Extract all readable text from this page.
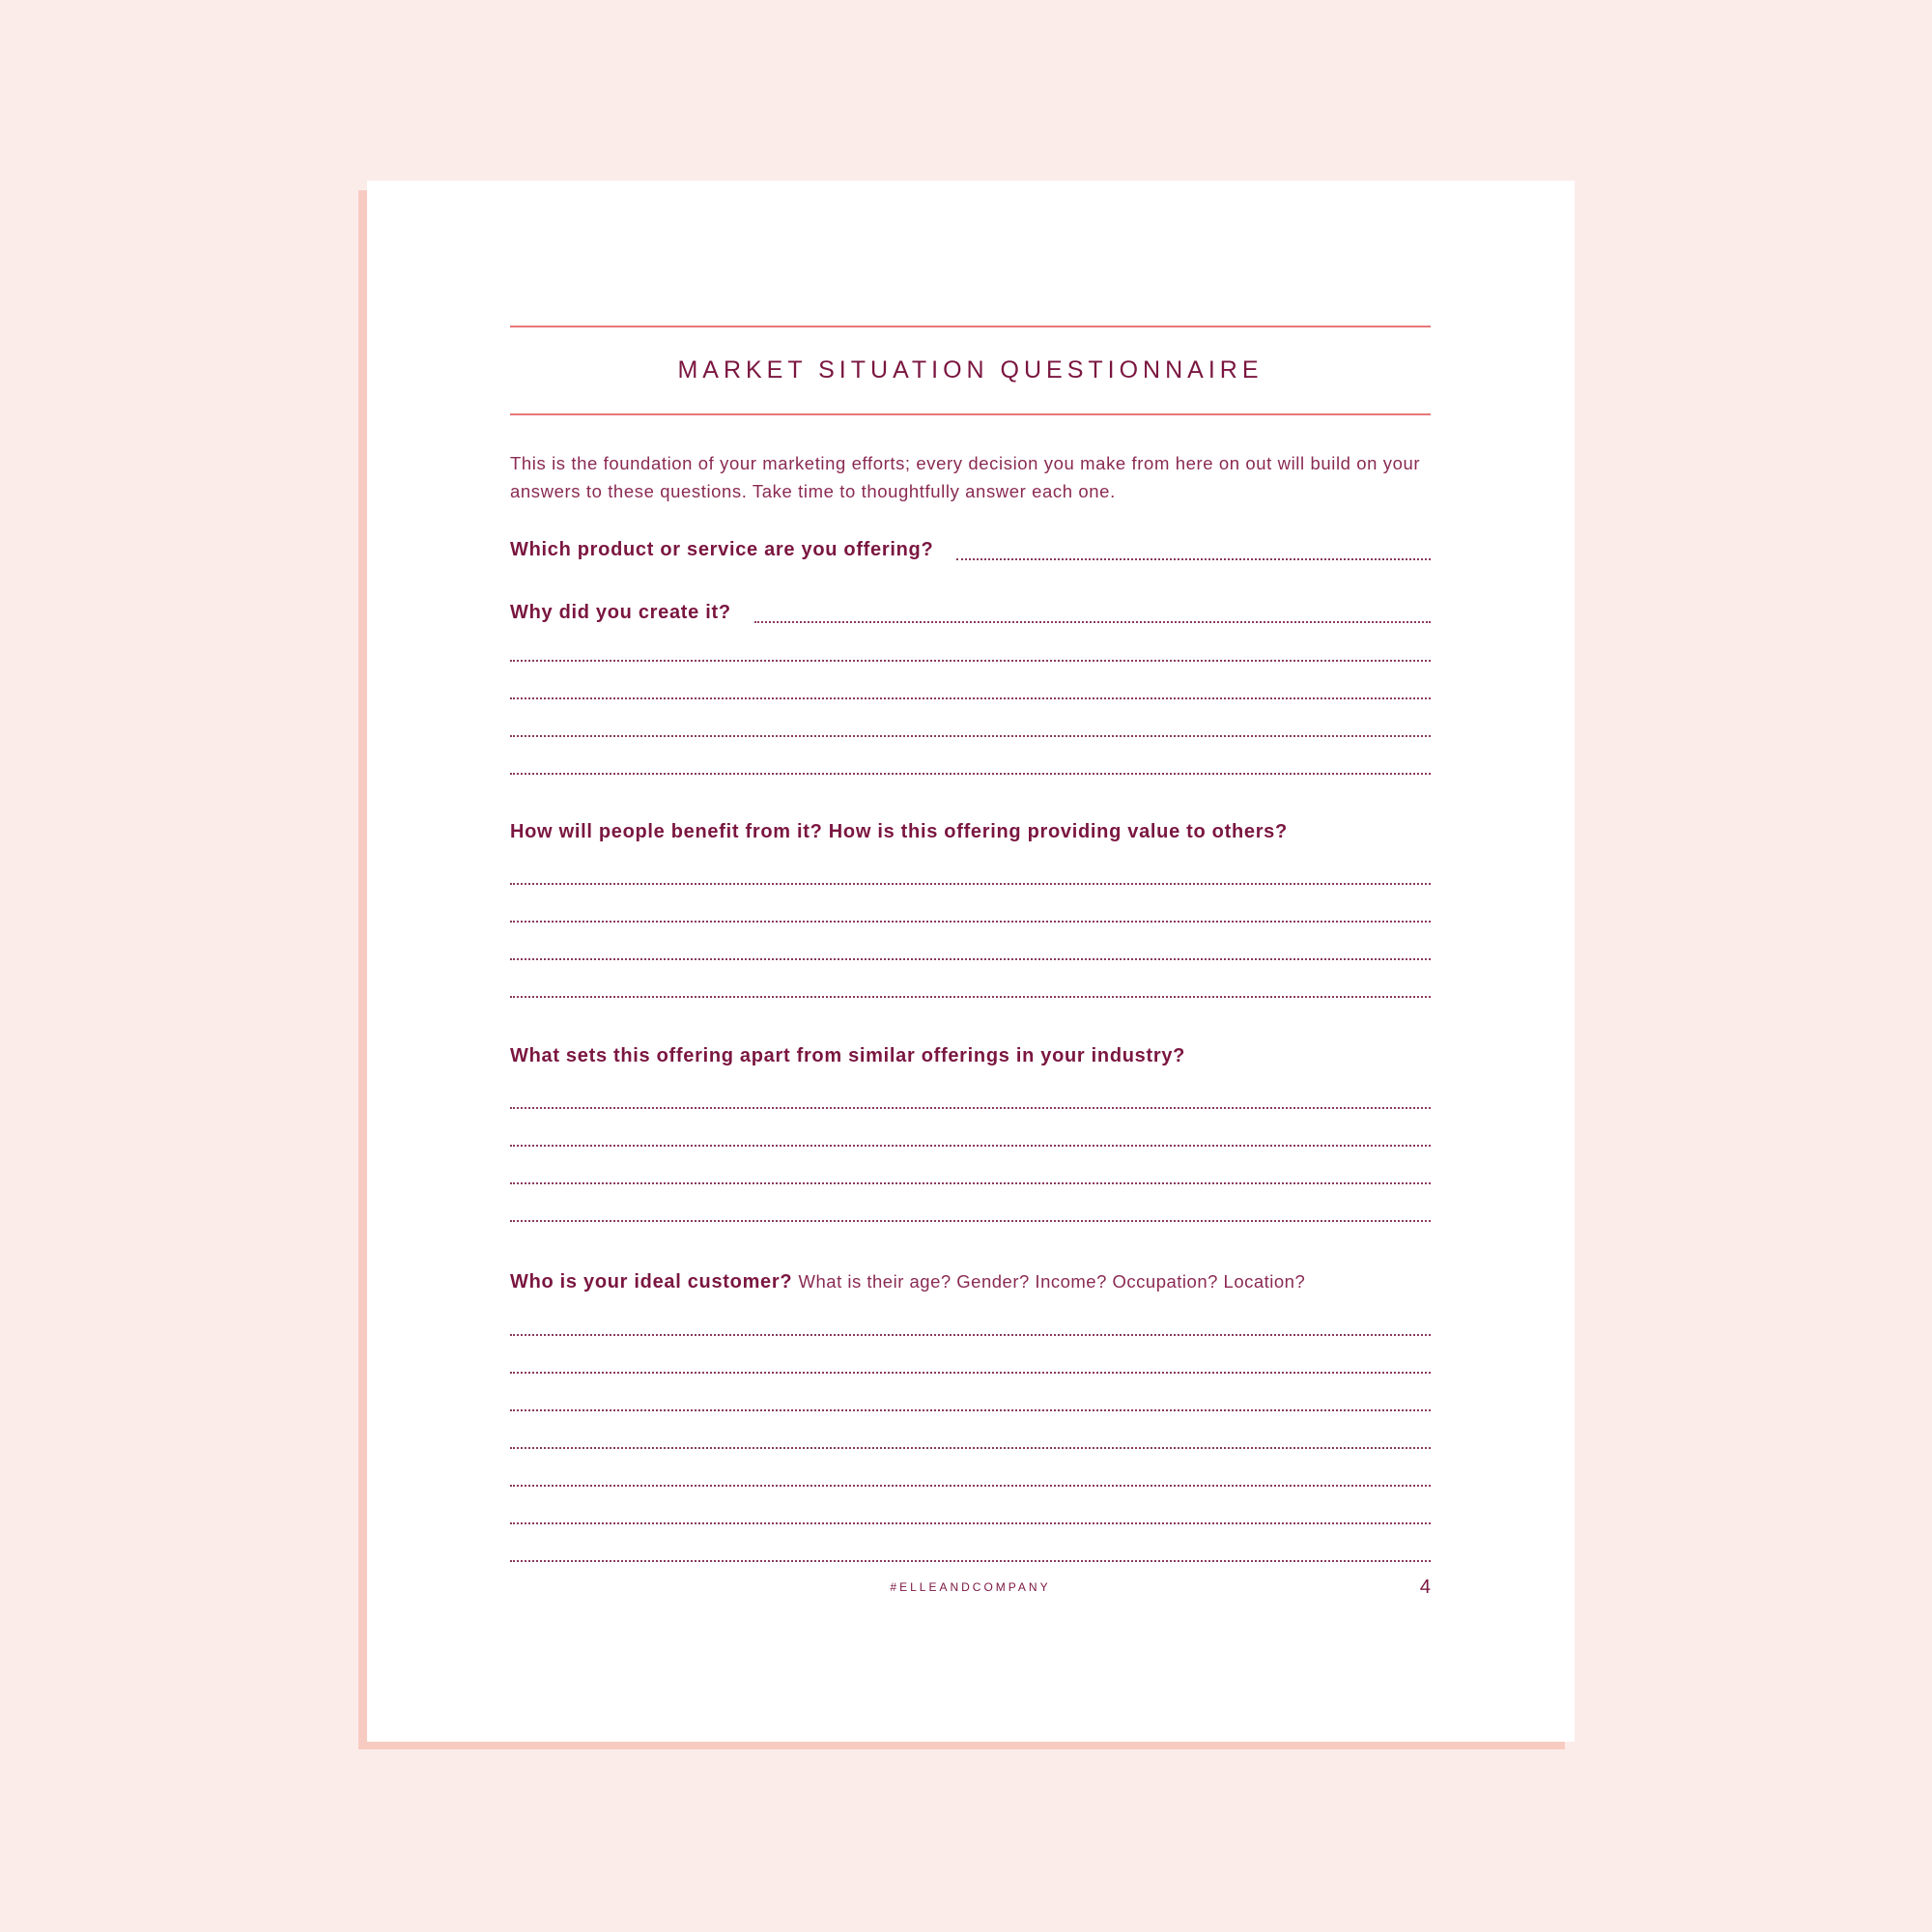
MARKET SITUATION QUESTIONNAIRE
This is the foundation of your marketing efforts; every decision you make from here on out will build on your answers to these questions. Take time to thoughtfully answer each one.
Which product or service are you offering?
Why did you create it?
How will people benefit from it? How is this offering providing value to others?
What sets this offering apart from similar offerings in your industry?
Who is your ideal customer? What is their age? Gender? Income? Occupation? Location?
#ELLEANDCOMPANY	4
